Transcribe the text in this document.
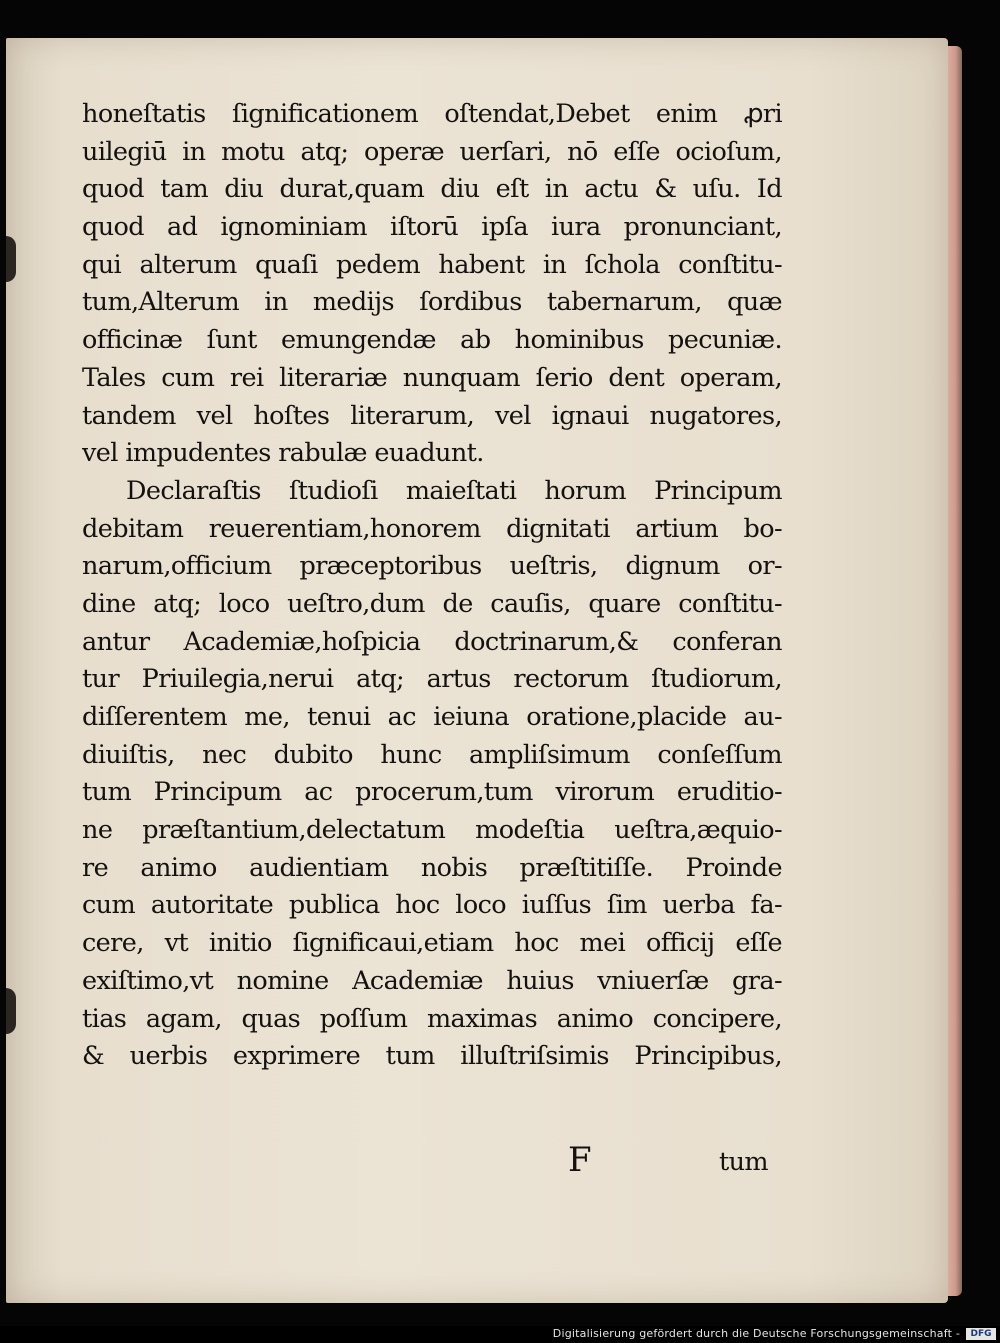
honeſtatis ſignificationem oſtendat,Debet enim ꝓri
uilegiū in motu atq; operæ uerſari, nō eſſe ocioſum,
quod tam diu durat,quam diu eſt in actu & uſu. Id
quod ad ignominiam iſtorū ipſa iura pronunciant,
qui alterum quaſi pedem habent in ſchola conſtitu-
tum,Alterum in medijs ſordibus tabernarum, quæ
officinæ ſunt emungendæ ab hominibus pecuniæ.
Tales cum rei literariæ nunquam ſerio dent operam,
tandem vel hoſtes literarum, vel ignaui nugatores,
vel impudentes rabulæ euadunt.
Declaraſtis ſtudioſi maieſtati horum Principum
debitam reuerentiam,honorem dignitati artium bo-
narum,officium præceptoribus ueſtris, dignum or-
dine atq; loco ueſtro,dum de cauſis, quare conſtitu-
antur Academiæ,hoſpicia doctrinarum,& conferan
tur Priuilegia,nerui atq; artus rectorum ſtudiorum,
diſſerentem me, tenui ac ieiuna oratione,placide au-
diuiſtis, nec dubito hunc ampliſsimum conſeſſum
tum Principum ac procerum,tum virorum eruditio-
ne præſtantium,delectatum modeſtia ueſtra,æquio-
re animo audientiam nobis præſtitiſſe. Proinde
cum autoritate publica hoc loco iuſſus ſim uerba fa-
cere, vt initio ſignificaui,etiam hoc mei officij eſſe
exiſtimo,vt nomine Academiæ huius vniuerſæ gra-
tias agam, quas poſſum maximas animo concipere,
& uerbis exprimere tum illuſtriſsimis Principibus,
F	tum
Digitalisierung gefördert durch die Deutsche Forschungsgemeinschaft -	DFG
